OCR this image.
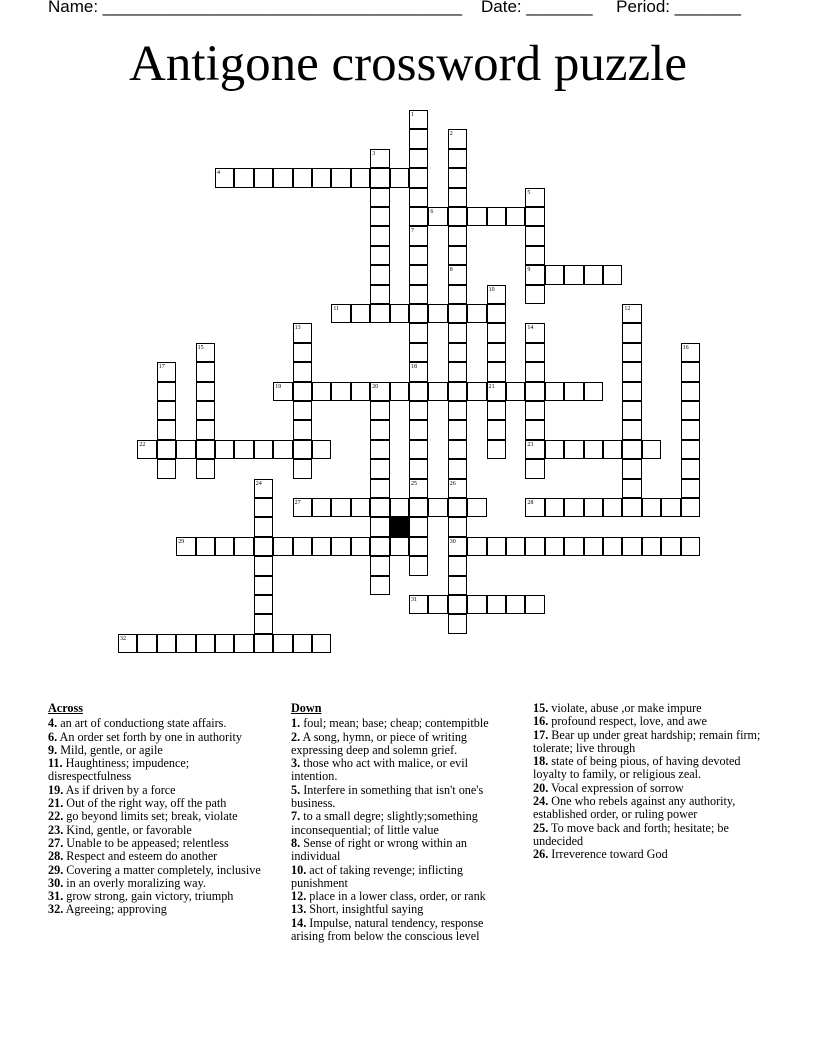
Name: ______________________________________ Date: _______ Period: _______
Antigone crossword puzzle
4
6
9
11
19	21
22	23
27	28
29	30
31
32
1
2
3
5
7
8
10
12
13	14
15	16
17	18
20
24	25	26
Across
4. an art of conductiong state affairs.
6. An order set forth by one in authority
9. Mild, gentle, or agile
11. Haughtiness; impudence; disrespectfulness
19. As if driven by a force
21. Out of the right way, off the path
22. go beyond limits set; break, violate
23. Kind, gentle, or favorable
27. Unable to be appeased; relentless
28. Respect and esteem do another
29. Covering a matter completely, inclusive
30. in an overly moralizing way.
31. grow strong, gain victory, triumph
32. Agreeing; approving
Down
1. foul; mean; base; cheap; contempitble
2. A song, hymn, or piece of writing expressing deep and solemn grief.
3. those who act with malice, or evil intention.
5. Interfere in something that isn't one's business.
7. to a small degre; slightly;something inconsequential; of little value
8. Sense of right or wrong within an individual
10. act of taking revenge; inflicting punishment
12. place in a lower class, order, or rank
13. Short, insightful saying
14. Impulse, natural tendency, response arising from below the conscious level
15. violate, abuse ,or make impure
16. profound respect, love, and awe
17. Bear up under great hardship; remain firm; tolerate; live through
18. state of being pious, of having devoted loyalty to family, or religious zeal.
20. Vocal expression of sorrow
24. One who rebels against any authority, established order, or ruling power
25. To move back and forth; hesitate; be undecided
26. Irreverence toward God
